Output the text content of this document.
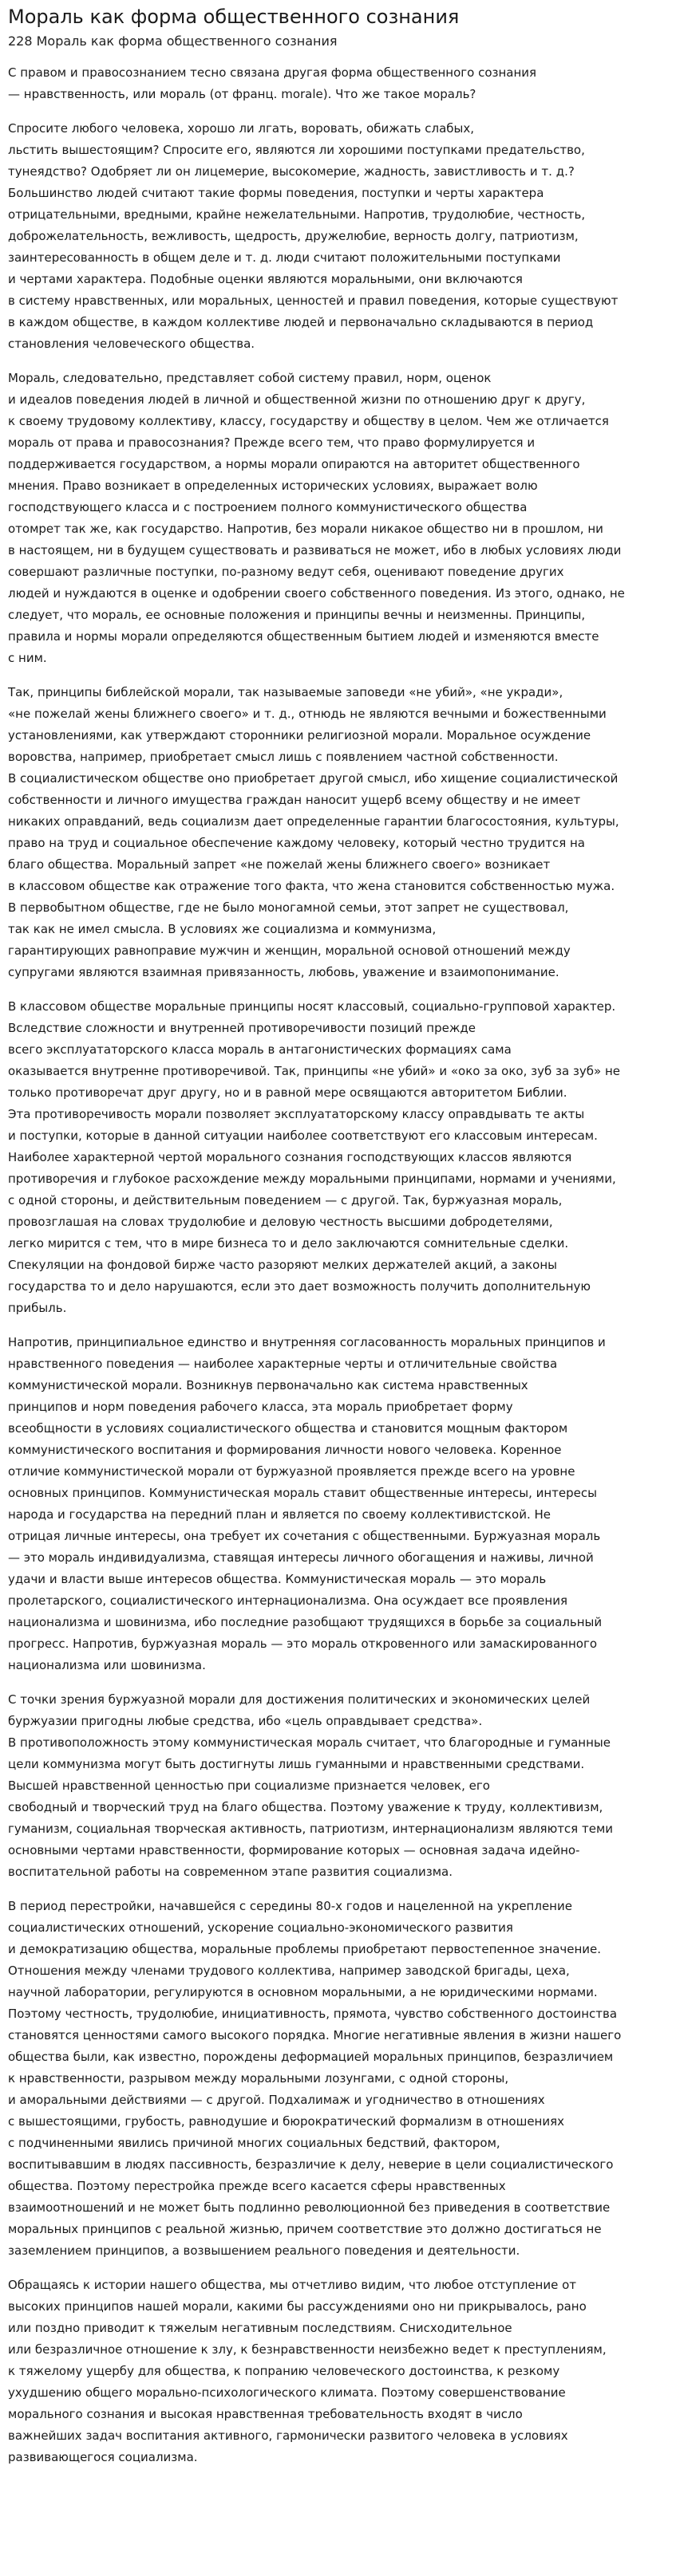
Мораль как форма общественного сознания
228 Мораль как форма общественного сознания

С правом и правосознанием тесно связана другая форма общественного сознания
— нравственность, или мораль (от франц. morale). Что же такое мораль?

Спросите любого человека, хорошо ли лгать, воровать, обижать слабых,
льстить вышестоящим? Спросите его, являются ли хорошими поступками предательство,
тунеядство? Одобряет ли он лицемерие, высокомерие, жадность, завистливость и т. д.?
Большинство людей считают такие формы поведения, поступки и черты характера
отрицательными, вредными, крайне нежелательными. Напротив, трудолюбие, честность,
доброжелательность, вежливость, щедрость, дружелюбие, верность долгу, патриотизм,
заинтересованность в общем деле и т. д. люди считают положительными поступками
и чертами характера. Подобные оценки являются моральными, они включаются
в систему нравственных, или моральных, ценностей и правил поведения, которые существуют
в каждом обществе, в каждом коллективе людей и первоначально складываются в период
становления человеческого общества.

Мораль, следовательно, представляет собой систему правил, норм, оценок
и идеалов поведения людей в личной и общественной жизни по отношению друг к другу,
к своему трудовому коллективу, классу, государству и обществу в целом. Чем же отличается
мораль от права и правосознания? Прежде всего тем, что право формулируется и
поддерживается государством, а нормы морали опираются на авторитет общественного
мнения. Право возникает в определенных исторических условиях, выражает волю
господствующего класса и с построением полного коммунистического общества
отомрет так же, как государство. Напротив, без морали никакое общество ни в прошлом, ни
в настоящем, ни в будущем существовать и развиваться не может, ибо в любых условиях люди
совершают различные поступки, по-разному ведут себя, оценивают поведение других
людей и нуждаются в оценке и одобрении своего собственного поведения. Из этого, однако, не
следует, что мораль, ее основные положения и принципы вечны и неизменны. Принципы,
правила и нормы морали определяются общественным бытием людей и изменяются вместе
с ним.

Так, принципы библейской морали, так называемые заповеди «не убий», «не укради»,
«не пожелай жены ближнего своего» и т. д., отнюдь не являются вечными и божественными
установлениями, как утверждают сторонники религиозной морали. Моральное осуждение
воровства, например, приобретает смысл лишь с появлением частной собственности.
В социалистическом обществе оно приобретает другой смысл, ибо хищение социалистической
собственности и личного имущества граждан наносит ущерб всему обществу и не имеет
никаких оправданий, ведь социализм дает определенные гарантии благосостояния, культуры,
право на труд и социальное обеспечение каждому человеку, который честно трудится на
благо общества. Моральный запрет «не пожелай жены ближнего своего» возникает
в классовом обществе как отражение того факта, что жена становится собственностью мужа.
В первобытном обществе, где не было моногамной семьи, этот запрет не существовал,
так как не имел смысла. В условиях же социализма и коммунизма,
гарантирующих равноправие мужчин и женщин, моральной основой отношений между
супругами являются взаимная привязанность, любовь, уважение и взаимопонимание.

В классовом обществе моральные принципы носят классовый, социально-групповой характер.
Вследствие сложности и внутренней противоречивости позиций прежде
всего эксплуататорского класса мораль в антагонистических формациях сама
оказывается внутренне противоречивой. Так, принципы «не убий» и «око за око, зуб за зуб» не
только противоречат друг другу, но и в равной мере освящаются авторитетом Библии.
Эта противоречивость морали позволяет эксплуататорскому классу оправдывать те акты
и поступки, которые в данной ситуации наиболее соответствуют его классовым интересам.
Наиболее характерной чертой морального сознания господствующих классов являются
противоречия и глубокое расхождение между моральными принципами, нормами и учениями,
с одной стороны, и действительным поведением — с другой. Так, буржуазная мораль,
провозглашая на словах трудолюбие и деловую честность высшими добродетелями,
легко мирится с тем, что в мире бизнеса то и дело заключаются сомнительные сделки.
Спекуляции на фондовой бирже часто разоряют мелких держателей акций, а законы
государства то и дело нарушаются, если это дает возможность получить дополнительную
прибыль.

Напротив, принципиальное единство и внутренняя согласованность моральных принципов и
нравственного поведения — наиболее характерные черты и отличительные свойства
коммунистической морали. Возникнув первоначально как система нравственных
принципов и норм поведения рабочего класса, эта мораль приобретает форму
всеобщности в условиях социалистического общества и становится мощным фактором
коммунистического воспитания и формирования личности нового человека. Коренное
отличие коммунистической морали от буржуазной проявляется прежде всего на уровне
основных принципов. Коммунистическая мораль ставит общественные интересы, интересы
народа и государства на передний план и является по своему коллективистской. Не
отрицая личные интересы, она требует их сочетания с общественными. Буржуазная мораль
— это мораль индивидуализма, ставящая интересы личного обогащения и наживы, личной
удачи и власти выше интересов общества. Коммунистическая мораль — это мораль
пролетарского, социалистического интернационализма. Она осуждает все проявления
национализма и шовинизма, ибо последние разобщают трудящихся в борьбе за социальный
прогресс. Напротив, буржуазная мораль — это мораль откровенного или замаскированного
национализма или шовинизма.

С точки зрения буржуазной морали для достижения политических и экономических целей
буржуазии пригодны любые средства, ибо «цель оправдывает средства».
В противоположность этому коммунистическая мораль считает, что благородные и гуманные
цели коммунизма могут быть достигнуты лишь гуманными и нравственными средствами.
Высшей нравственной ценностью при социализме признается человек, его
свободный и творческий труд на благо общества. Поэтому уважение к труду, коллективизм,
гуманизм, социальная творческая активность, патриотизм, интернационализм являются теми
основными чертами нравственности, формирование которых — основная задача идейно-
воспитательной работы на современном этапе развития социализма.

В период перестройки, начавшейся с середины 80-х годов и нацеленной на укрепление
социалистических отношений, ускорение социально-экономического развития
и демократизацию общества, моральные проблемы приобретают первостепенное значение.
Отношения между членами трудового коллектива, например заводской бригады, цеха,
научной лаборатории, регулируются в основном моральными, а не юридическими нормами.
Поэтому честность, трудолюбие, инициативность, прямота, чувство собственного достоинства
становятся ценностями самого высокого порядка. Многие негативные явления в жизни нашего
общества были, как известно, порождены деформацией моральных принципов, безразличием
к нравственности, разрывом между моральными лозунгами, с одной стороны,
и аморальными действиями — с другой. Подхалимаж и угодничество в отношениях
с вышестоящими, грубость, равнодушие и бюрократический формализм в отношениях
с подчиненными явились причиной многих социальных бедствий, фактором,
воспитывавшим в людях пассивность, безразличие к делу, неверие в цели социалистического
общества. Поэтому перестройка прежде всего касается сферы нравственных
взаимоотношений и не может быть подлинно революционной без приведения в соответствие
моральных принципов с реальной жизнью, причем соответствие это должно достигаться не
заземлением принципов, а возвышением реального поведения и деятельности.

Обращаясь к истории нашего общества, мы отчетливо видим, что любое отступление от
высоких принципов нашей морали, какими бы рассуждениями оно ни прикрывалось, рано
или поздно приводит к тяжелым негативным последствиям. Снисходительное
или безразличное отношение к злу, к безнравственности неизбежно ведет к преступлениям,
к тяжелому ущербу для общества, к попранию человеческого достоинства, к резкому
ухудшению общего морально-психологического климата. Поэтому совершенствование
морального сознания и высокая нравственная требовательность входят в число
важнейших задач воспитания активного, гармонически развитого человека в условиях
развивающегося социализма.
